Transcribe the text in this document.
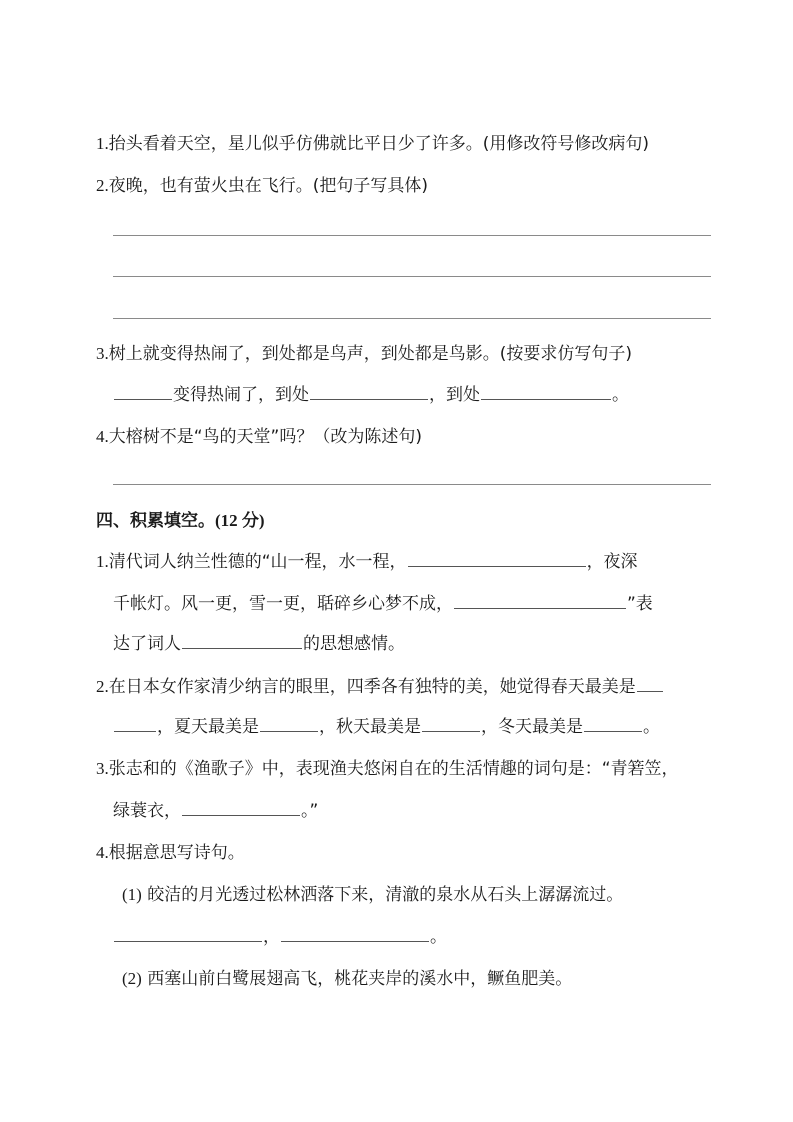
1.抬头看着天空，星儿似乎仿佛就比平日少了许多。(用修改符号修改病句)
2.夜晚，也有萤火虫在飞行。(把句子写具体)
3.树上就变得热闹了，到处都是鸟声，到处都是鸟影。(按要求仿写句子)
变得热闹了，到处	，到处	。
4.大榕树不是“鸟的天堂”吗？（改为陈述句)
四、积累填空。(12 分)
1.清代词人纳兰性德的“山一程，水一程，	，夜深
千帐灯。风一更，雪一更，聒碎乡心梦不成，	”表
达了词人	的思想感情。
2.在日本女作家清少纳言的眼里，四季各有独特的美，她觉得春天最美是
，夏天最美是	，秋天最美是	，冬天最美是	。
3.张志和的《渔歌子》中，表现渔夫悠闲自在的生活情趣的词句是：“青箬笠，
绿蓑衣，	。”
4.根据意思写诗句。
(1) 皎洁的月光透过松林洒落下来，清澈的泉水从石头上潺潺流过。
，	。
(2) 西塞山前白鹭展翅高飞，桃花夹岸的溪水中，鳜鱼肥美。
